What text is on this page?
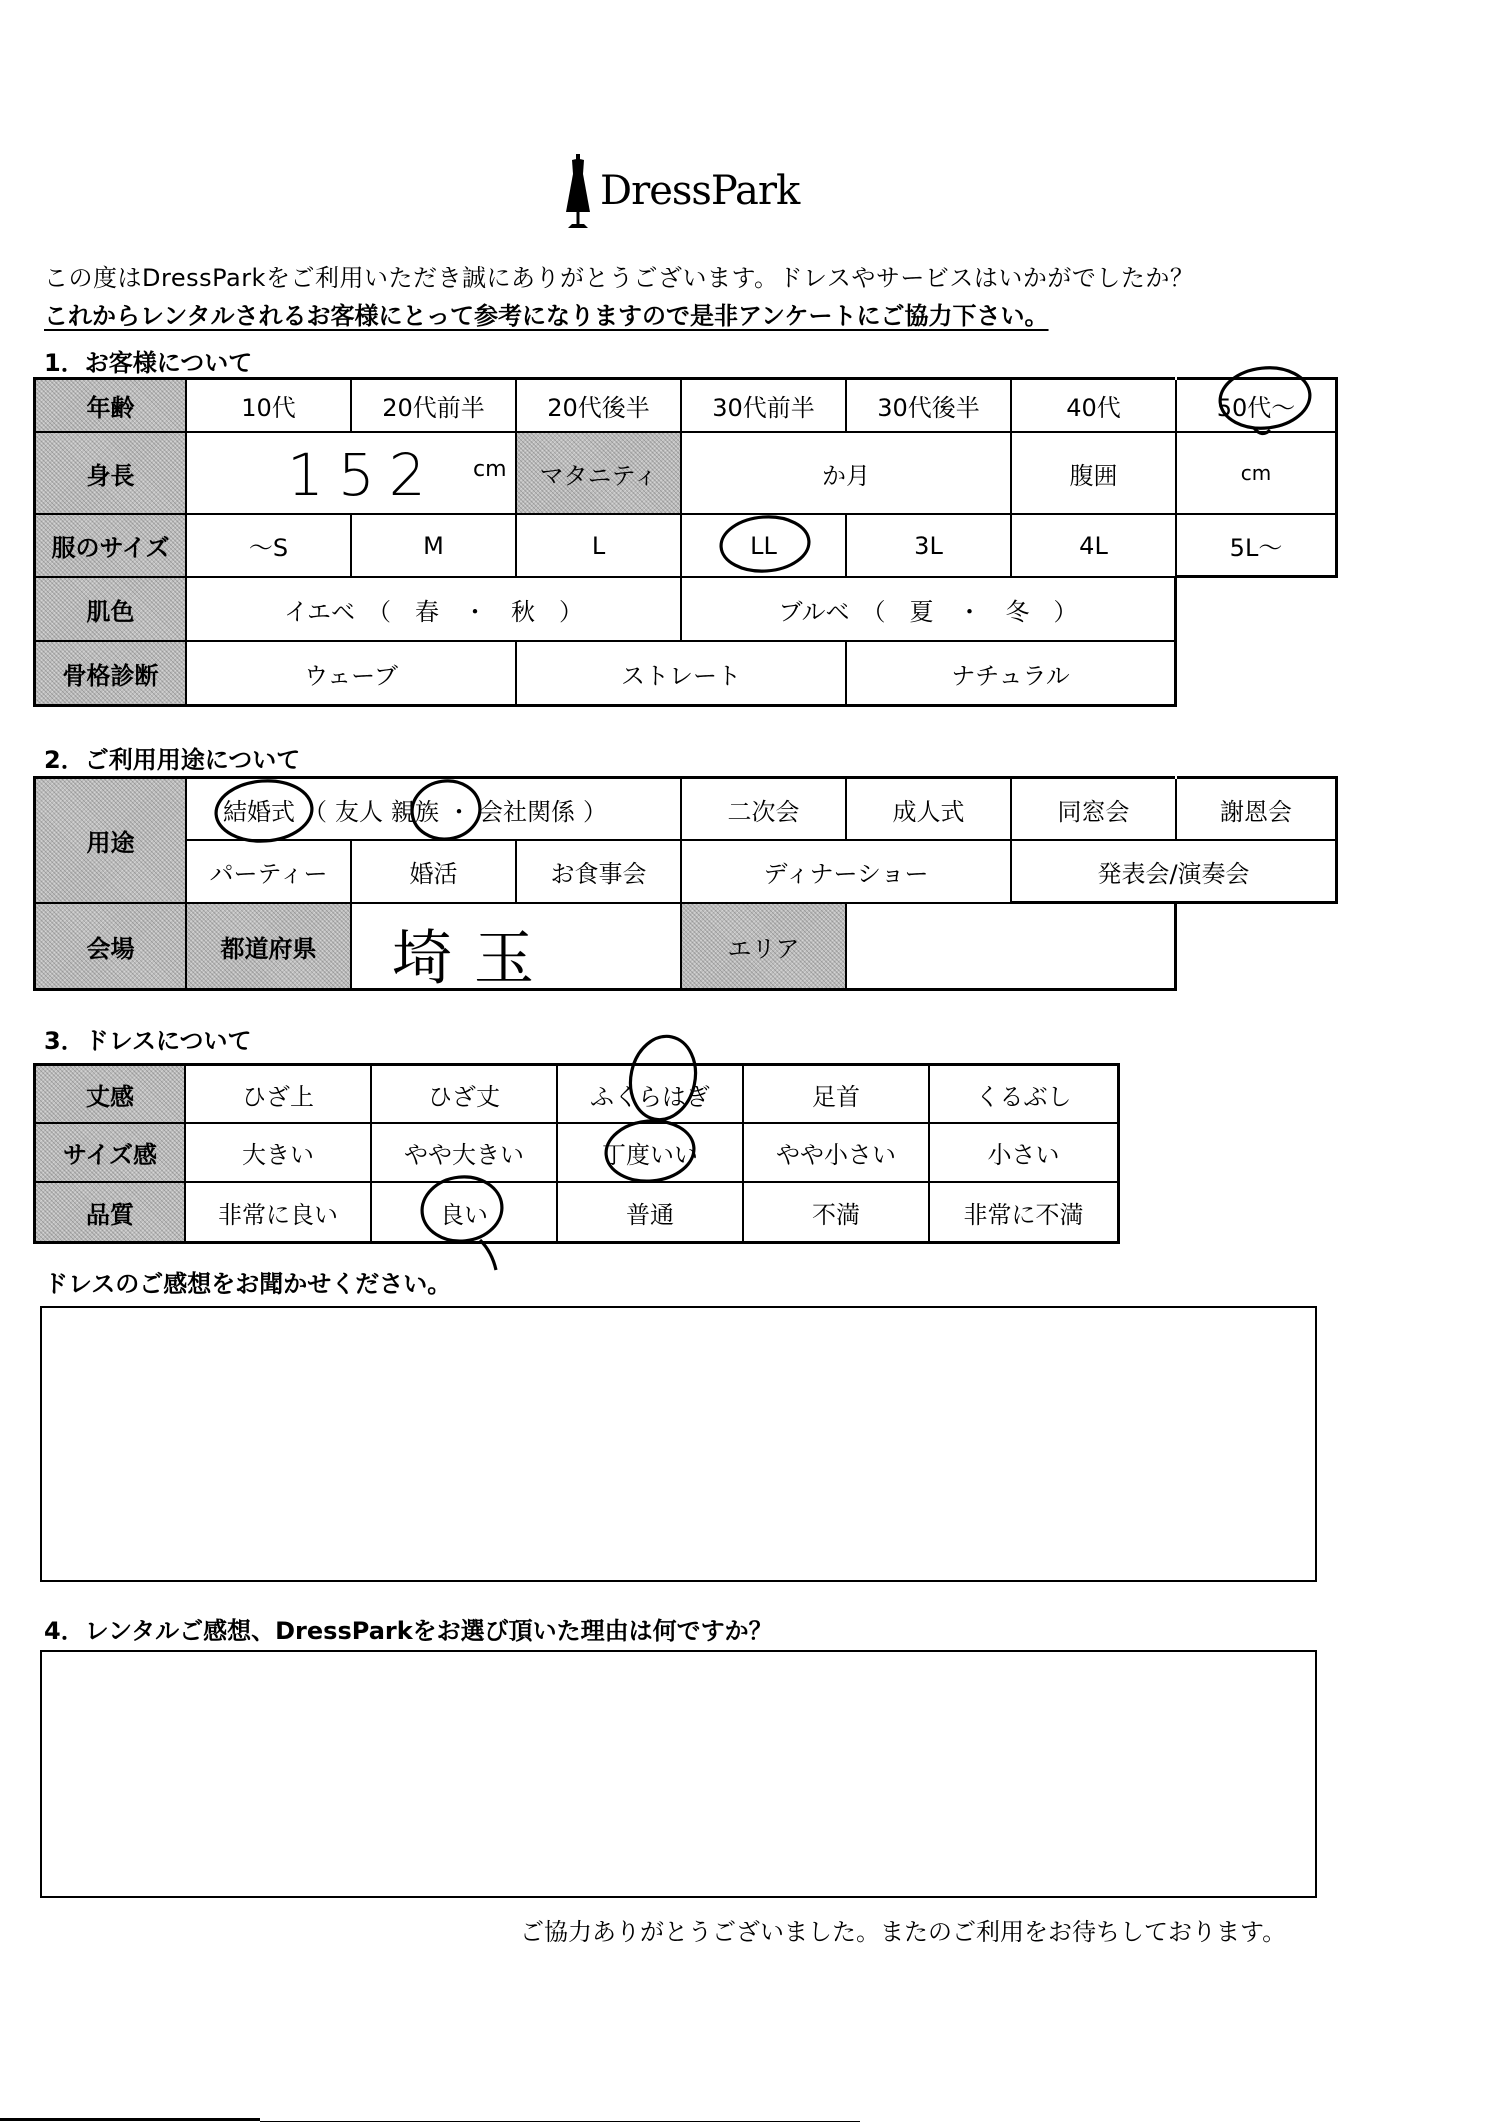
DressPark
この度はDressParkをご利用いただき誠にありがとうございます。ドレスやサービスはいかがでしたか？
これからレンタルされるお客様にとって参考になりますので是非アンケートにご協力下さい。
1．お客様について
年齢	10代	20代前半	20代後半	30代前半	30代後半	40代	50代～
身長	152 cm	マタニティ	か月	腹囲	cm
服のサイズ	～S	M	L	LL	3L	4L	5L～
肌色	イエベ　（　春　・　秋　）	ブルベ　（　夏　・　冬　）
骨格診断	ウェーブ	ストレート	ナチュラル
2．ご利用用途について
用途
結婚式 （ 友人 親族 ・ 会社関係 ）	二次会	成人式	同窓会	謝恩会
パーティー	婚活	お食事会	ディナーショー	発表会/演奏会
会場	都道府県	埼玉	エリア
3．ドレスについて
丈感	ひざ上	ひざ丈	ふくらはぎ	足首	くるぶし
サイズ感	大きい	やや大きい	丁度いい	やや小さい	小さい
品質	非常に良い	良い	普通	不満	非常に不満
ドレスのご感想をお聞かせください。
4．レンタルご感想、DressParkをお選び頂いた理由は何ですか？
ご協力ありがとうございました。またのご利用をお待ちしております。
